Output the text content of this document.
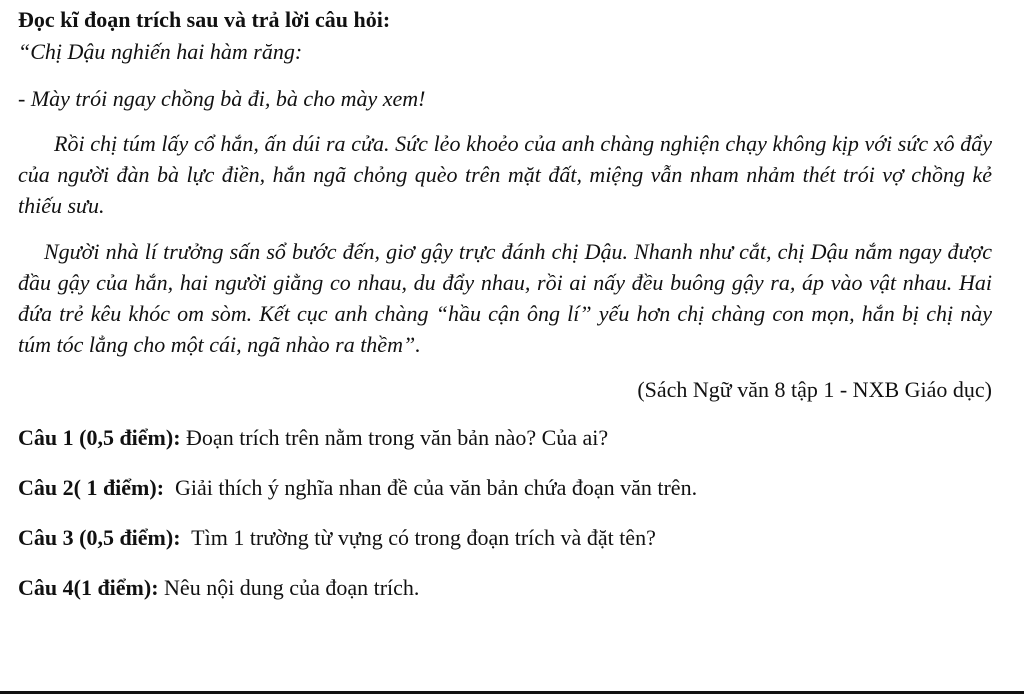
Đọc kĩ đoạn trích sau và trả lời câu hỏi:

“Chị Dậu nghiến hai hàm răng:

- Mày trói ngay chồng bà đi, bà cho mày xem!

Rồi chị túm lấy cổ hắn, ấn dúi ra cửa. Sức lẻo khoẻo của anh chàng nghiện chạy không kịp với sức xô đẩy của người đàn bà lực điền, hắn ngã chỏng quèo trên mặt đất, miệng vẫn nham nhảm thét trói vợ chồng kẻ thiếu sưu.

Người nhà lí trưởng sấn sổ bước đến, giơ gậy trực đánh chị Dậu. Nhanh như cắt, chị Dậu nắm ngay được đầu gậy của hắn, hai người giằng co nhau, du đẩy nhau, rồi ai nấy đều buông gậy ra, áp vào vật nhau. Hai đứa trẻ kêu khóc om sòm. Kết cục anh chàng “hầu cận ông lí” yếu hơn chị chàng con mọn, hắn bị chị này túm tóc lẳng cho một cái, ngã nhào ra thềm”.

(Sách Ngữ văn 8 tập 1 - NXB Giáo dục)

Câu 1 (0,5 điểm): Đoạn trích trên nằm trong văn bản nào? Của ai?

Câu 2( 1 điểm):  Giải thích ý nghĩa nhan đề của văn bản chứa đoạn văn trên.

Câu 3 (0,5 điểm):  Tìm 1 trường từ vựng có trong đoạn trích và đặt tên?

Câu 4(1 điểm): Nêu nội dung của đoạn trích.
